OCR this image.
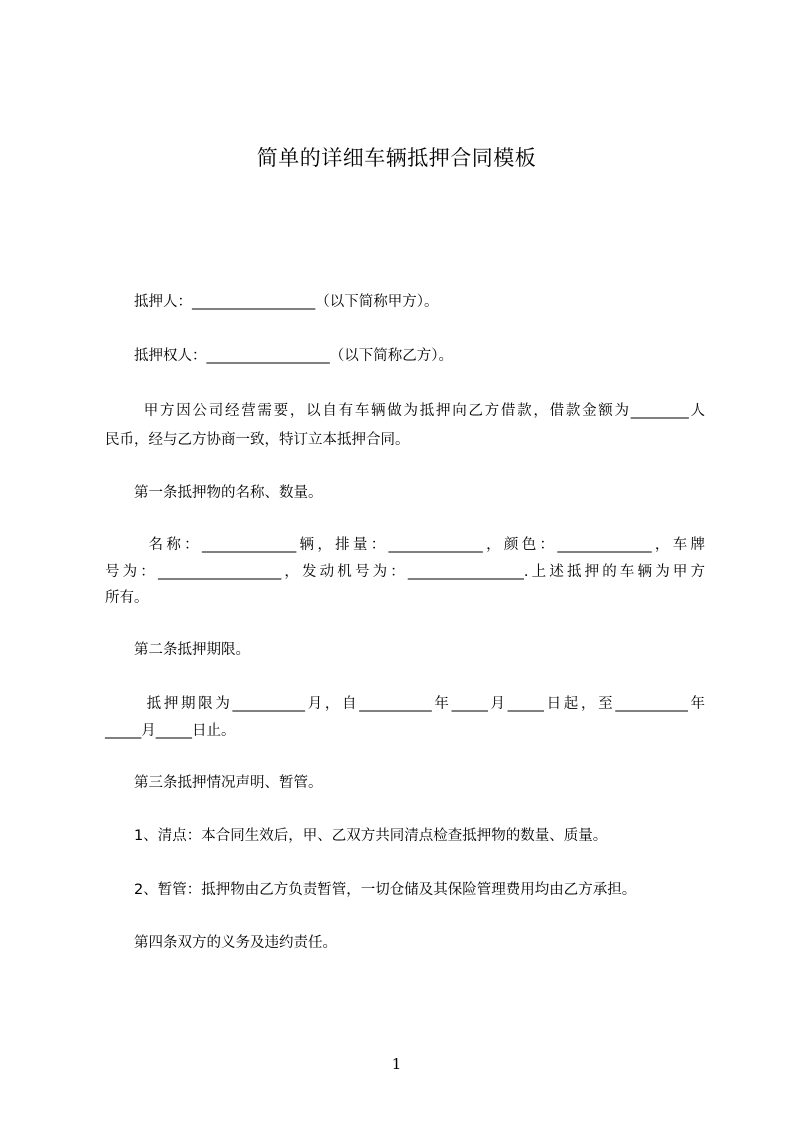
简单的详细车辆抵押合同模板
　　抵押人：_________________（以下简称甲方）。
　　抵押权人：_________________（以下简称乙方）。
　　 甲方因公司经营需要，以自有车辆做为抵押向乙方借款，借款金额为________人
民币，经与乙方协商一致，特订立本抵押合同。
　　第一条抵押物的名称、数量。
　　 名称：_____________辆，排量：_____________，颜色：_____________，车牌
号为：_________________，发动机号为：________________.上述抵押的车辆为甲方
所有。
　　第二条抵押期限。
　　 抵押期限为__________月，自__________年_____月_____日起，至__________年
_____月_____日止。
　　第三条抵押情况声明、暂管。
　　1、清点：本合同生效后，甲、乙双方共同清点检查抵押物的数量、质量。
　　2、暂管：抵押物由乙方负责暂管，一切仓储及其保险管理费用均由乙方承担。
　　第四条双方的义务及违约责任。
1
